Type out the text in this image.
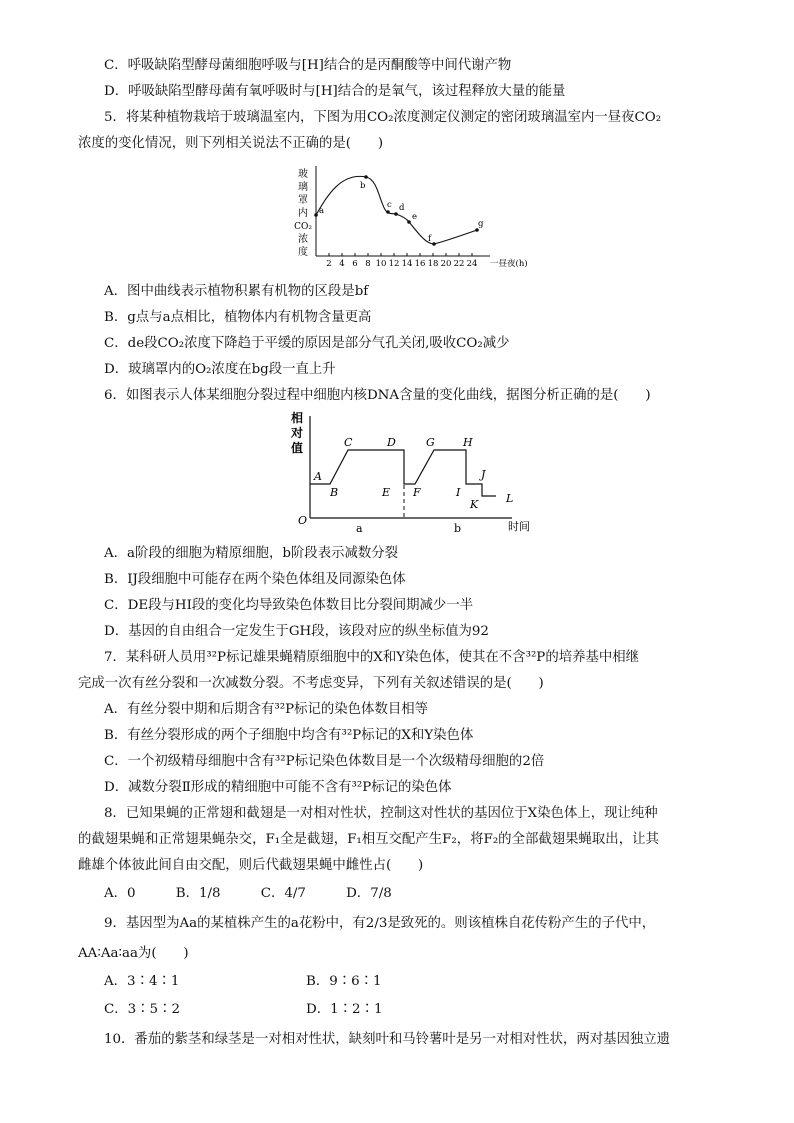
C．呼吸缺陷型酵母菌细胞呼吸与[H]结合的是丙酮酸等中间代谢产物
D．呼吸缺陷型酵母菌有氧呼吸时与[H]结合的是氧气，该过程释放大量的能量
5．将某种植物栽培于玻璃温室内，下图为用CO₂浓度测定仪测定的密闭玻璃温室内一昼夜CO₂
浓度的变化情况，则下列相关说法不正确的是(　　)
玻
璃
罩
内
CO₂
浓
度
2 4 6 8 10 12 14 16 18 20 22 24 一昼夜(h)
a
b
c d
e
f
g
A．图中曲线表示植物积累有机物的区段是bf
B．g点与a点相比，植物体内有机物含量更高
C．de段CO₂浓度下降趋于平缓的原因是部分气孔关闭,吸收CO₂减少
D．玻璃罩内的O₂浓度在bg段一直上升
6．如图表示人体某细胞分裂过程中细胞内核DNA含量的变化曲线，据图分析正确的是(　　)
相
对
值
O	时间
A
B
C	D
E F
G	H
I
J
K	L
a	b
A．a阶段的细胞为精原细胞，b阶段表示减数分裂
B．IJ段细胞中可能存在两个染色体组及同源染色体
C．DE段与HI段的变化均导致染色体数目比分裂间期减少一半
D．基因的自由组合一定发生于GH段，该段对应的纵坐标值为92
7．某科研人员用³²P标记雄果蝇精原细胞中的X和Y染色体，使其在不含³²P的培养基中相继
完成一次有丝分裂和一次减数分裂。不考虑变异，下列有关叙述错误的是(　　)
A．有丝分裂中期和后期含有³²P标记的染色体数目相等
B．有丝分裂形成的两个子细胞中均含有³²P标记的X和Y染色体
C．一个初级精母细胞中含有³²P标记染色体数目是一个次级精母细胞的2倍
D．减数分裂Ⅱ形成的精细胞中可能不含有³²P标记的染色体
8．已知果蝇的正常翅和截翅是一对相对性状，控制这对性状的基因位于X染色体上，现让纯种
的截翅果蝇和正常翅果蝇杂交，F₁全是截翅，F₁相互交配产生F₂，将F₂的全部截翅果蝇取出，让其
雌雄个体彼此间自由交配，则后代截翅果蝇中雌性占(　　)
A．0　　　B．1/8　　　C．4/7　　　D．7/8
9．基因型为Aa的某植株产生的a花粉中，有2/3是致死的。则该植株自花传粉产生的子代中，
AA∶Aa∶aa为(　　)
A．3∶4∶1	B．9∶6∶1
C．3∶5∶2	D．1∶2∶1
10．番茄的紫茎和绿茎是一对相对性状，缺刻叶和马铃薯叶是另一对相对性状，两对基因独立遗
